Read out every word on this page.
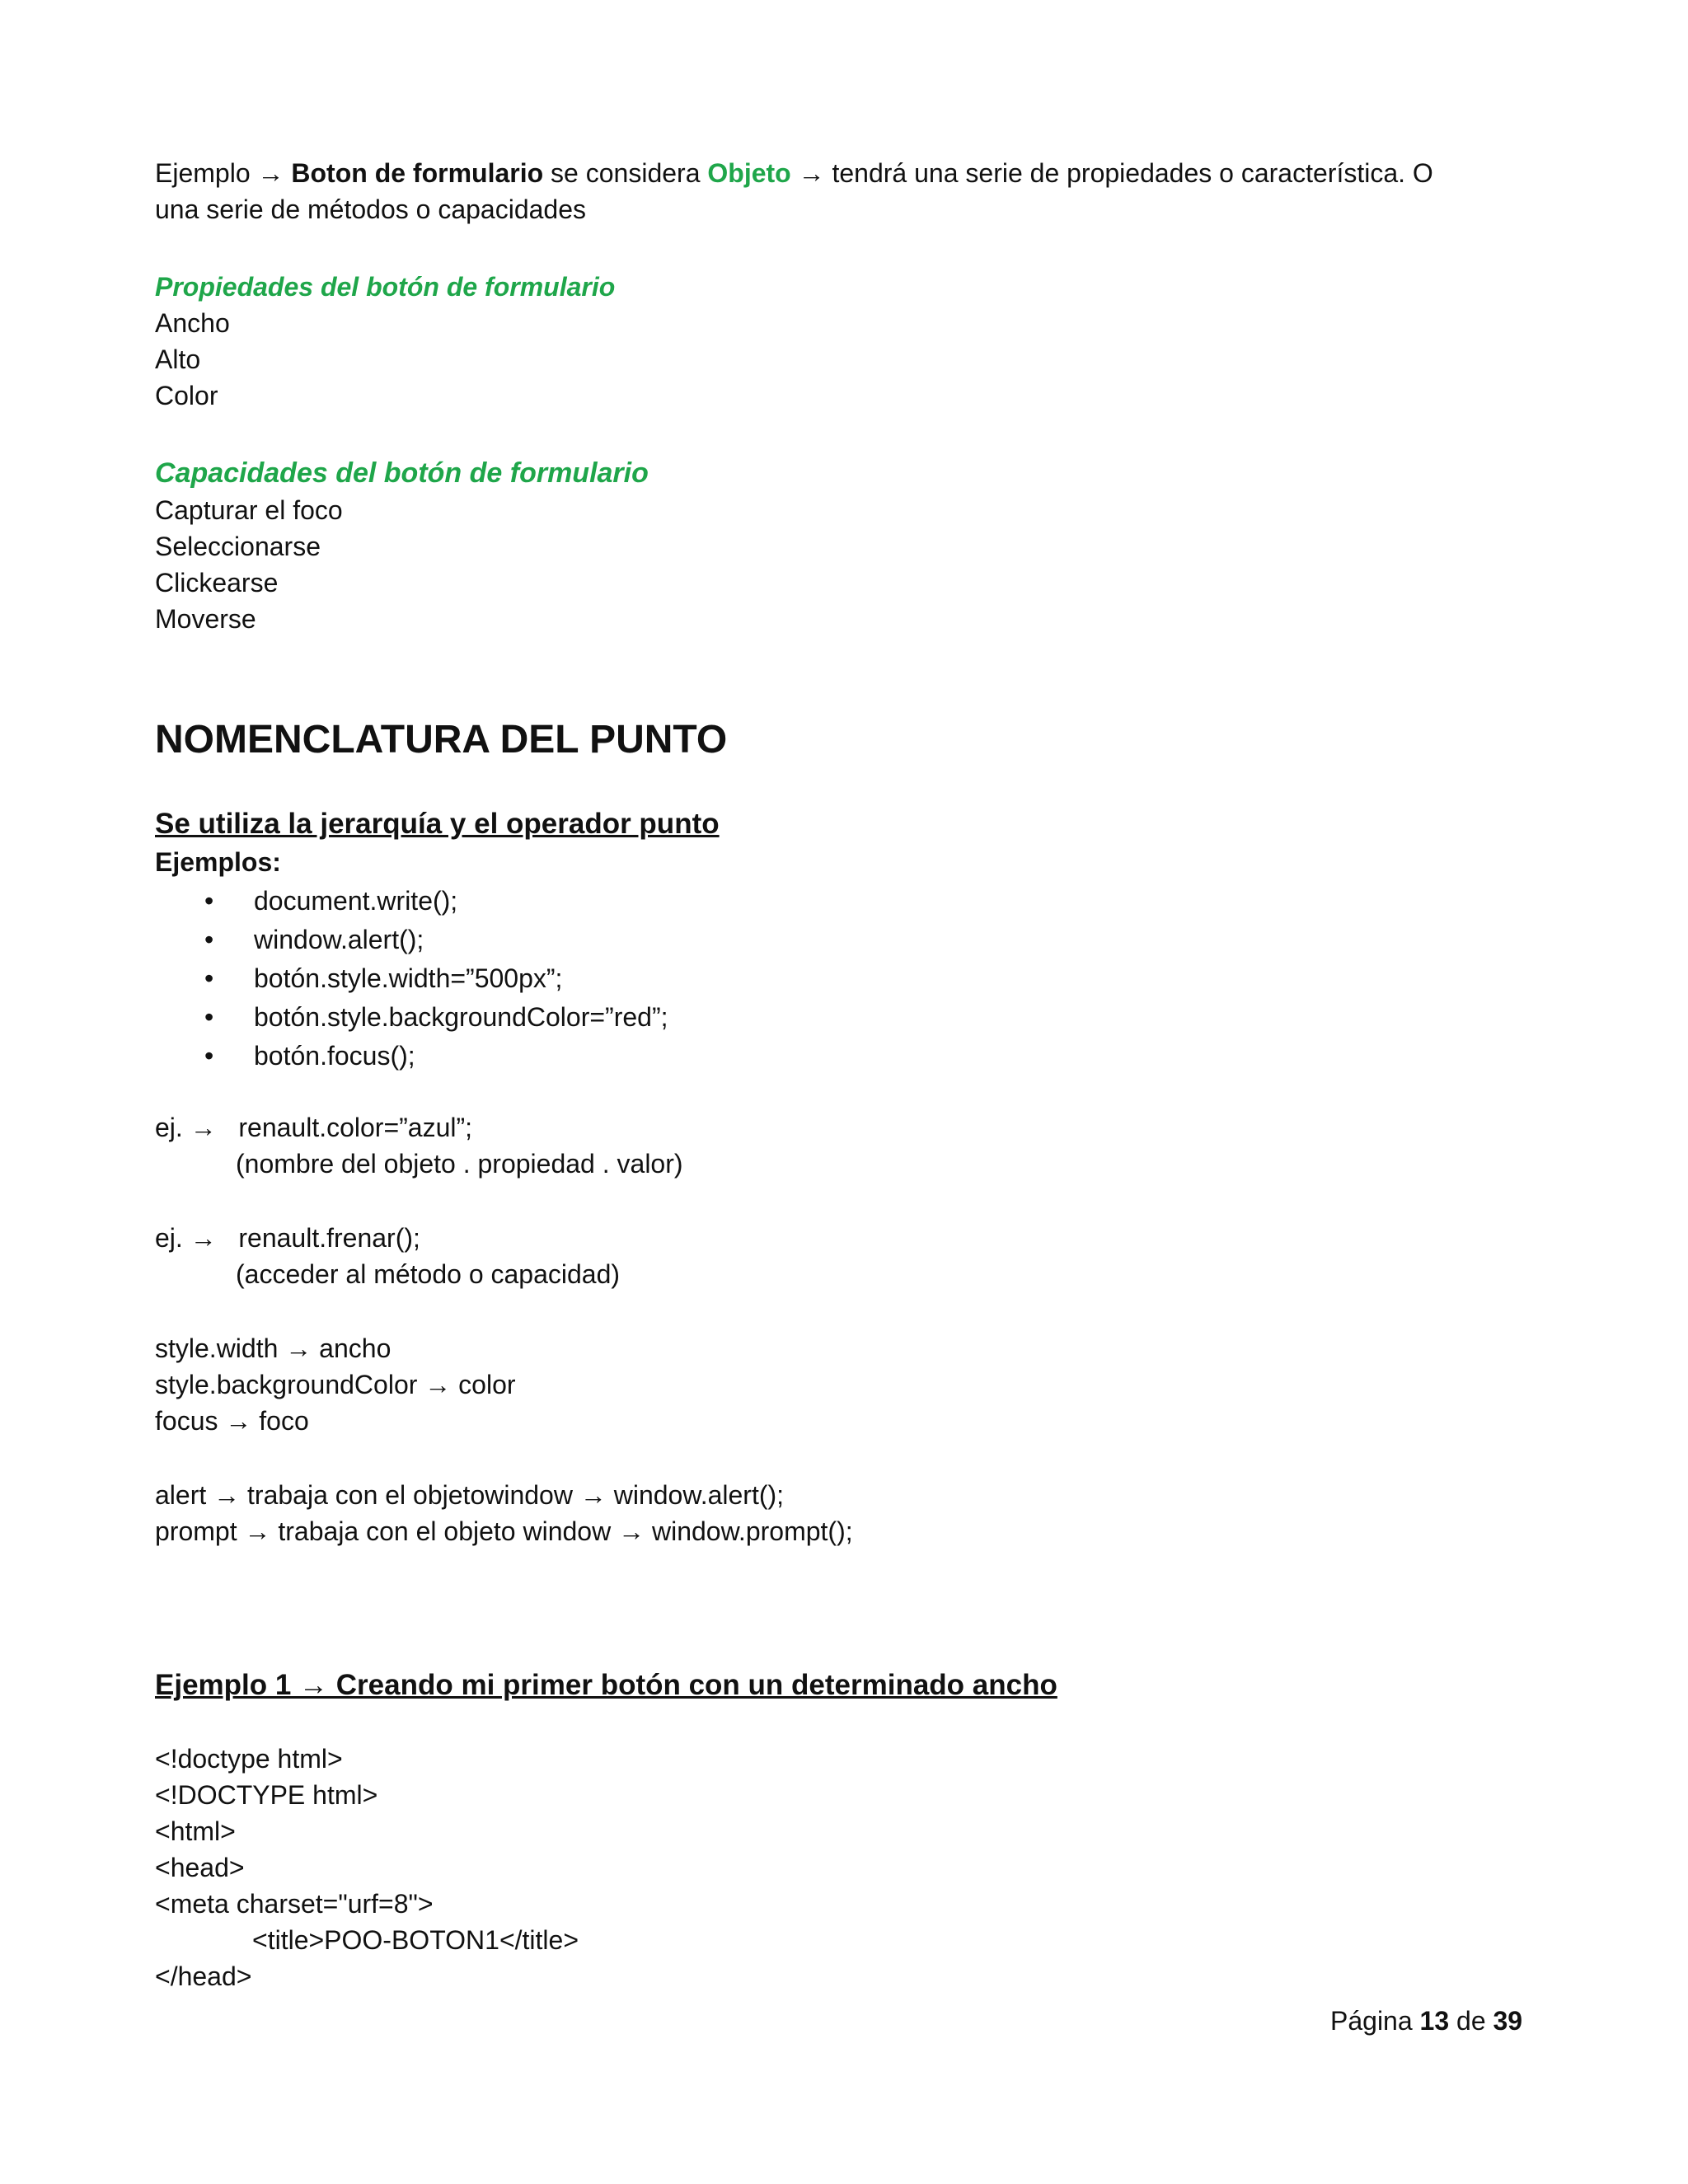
Ejemplo → Boton de formulario se considera Objeto → tendrá una serie de propiedades o característica. O
una serie de métodos o capacidades
Propiedades del botón de formulario
Ancho
Alto
Color
Capacidades del botón de formulario
Capturar el foco
Seleccionarse
Clickearse
Moverse
NOMENCLATURA DEL PUNTO
Se utiliza la jerarquía y el operador punto
Ejemplos:
• document.write();
• window.alert();
• botón.style.width=”500px”;
• botón.style.backgroundColor=”red”;
• botón.focus();
ej. → renault.color=”azul”;
(nombre del objeto . propiedad . valor)
ej. → renault.frenar();
(acceder al método o capacidad)
style.width → ancho
style.backgroundColor → color
focus → foco
alert → trabaja con el objetowindow → window.alert();
prompt → trabaja con el objeto window → window.prompt();
Ejemplo 1 → Creando mi primer botón con un determinado ancho
<!doctype html>
<!DOCTYPE html>
<html>
<head>
<meta charset="urf=8">
<title>POO-BOTON1</title>
</head>
Página 13 de 39
